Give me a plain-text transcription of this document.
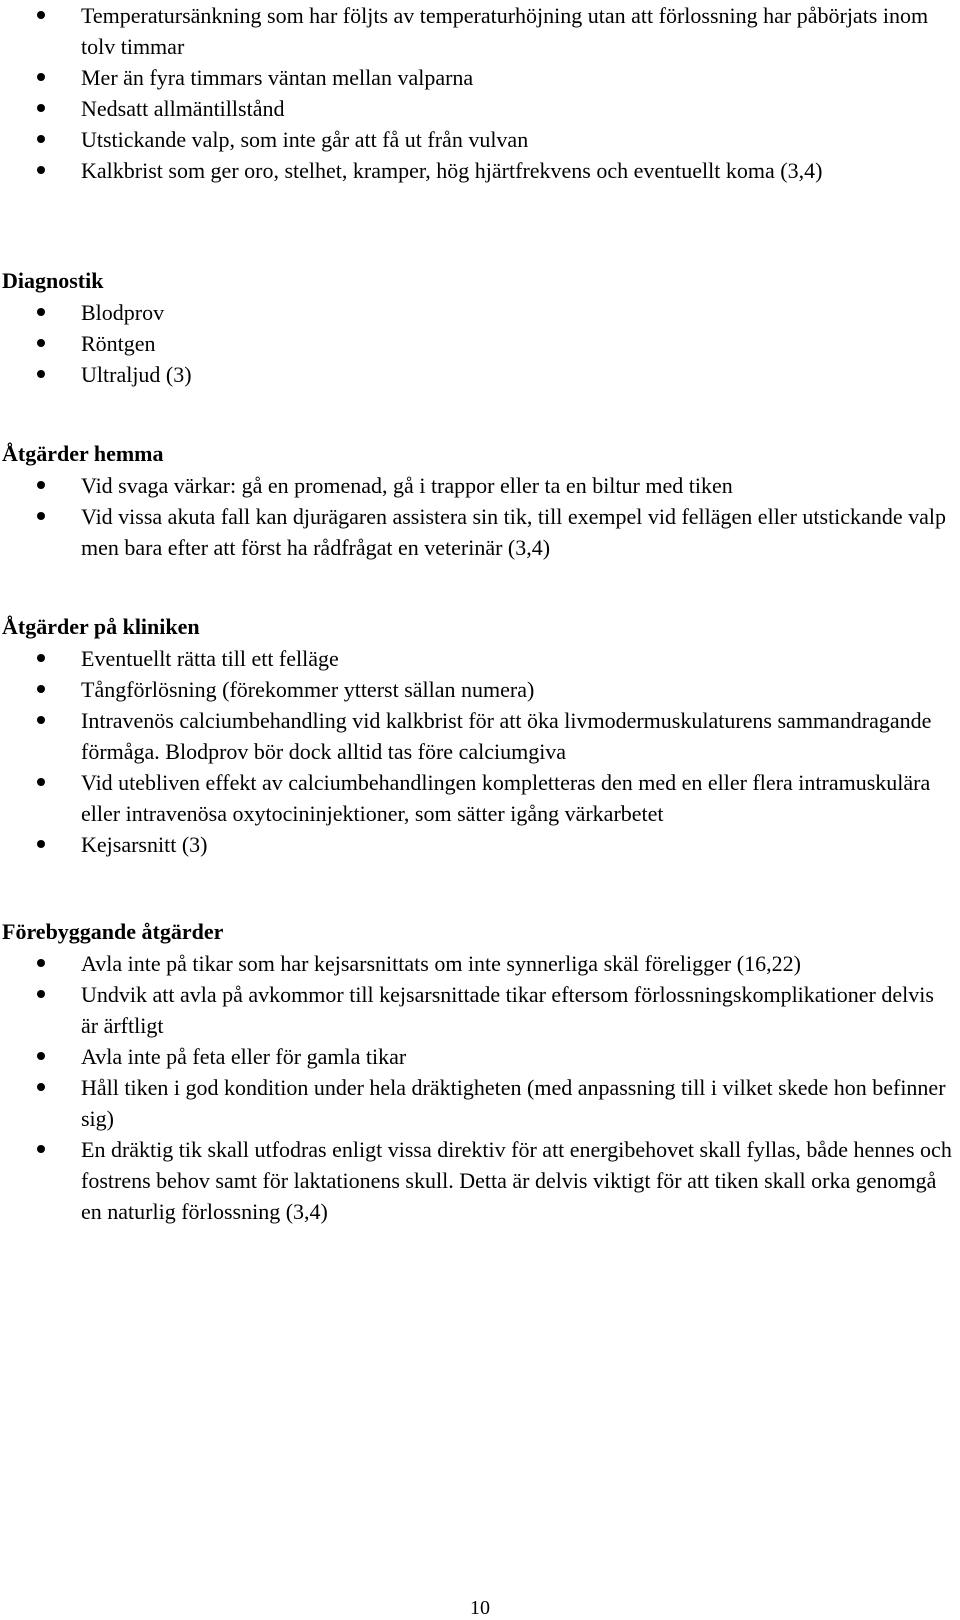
Temperatursänkning som har följts av temperaturhöjning utan att förlossning har påbörjats inom tolv timmar
Mer än fyra timmars väntan mellan valparna
Nedsatt allmäntillstånd
Utstickande valp, som inte går att få ut från vulvan
Kalkbrist som ger oro, stelhet, kramper, hög hjärtfrekvens och eventuellt koma (3,4)
Diagnostik
Blodprov
Röntgen
Ultraljud (3)
Åtgärder hemma
Vid svaga värkar: gå en promenad, gå i trappor eller ta en biltur med tiken
Vid vissa akuta fall kan djurägaren assistera sin tik, till exempel vid fellägen eller utstickande valp men bara efter att först ha rådfrågat en veterinär (3,4)
Åtgärder på kliniken
Eventuellt rätta till ett felläge
Tångförlösning (förekommer ytterst sällan numera)
Intravenös calciumbehandling vid kalkbrist för att öka livmodermuskulaturens sammandragande förmåga. Blodprov bör dock alltid tas före calciumgiva
Vid utebliven effekt av calciumbehandlingen kompletteras den med en eller flera intramuskulära eller intravenösa oxytocininjektioner, som sätter igång värkarbetet
Kejsarsnitt (3)
Förebyggande åtgärder
Avla inte på tikar som har kejsarsnittats om inte synnerliga skäl föreligger (16,22)
Undvik att avla på avkommor till kejsarsnittade tikar eftersom förlossningskomplikationer delvis är ärftligt
Avla inte på feta eller för gamla tikar
Håll tiken i god kondition under hela dräktigheten (med anpassning till i vilket skede hon befinner sig)
En dräktig tik skall utfodras enligt vissa direktiv för att energibehovet skall fyllas, både hennes och fostrens behov samt för laktationens skull. Detta är delvis viktigt för att tiken skall orka genomgå en naturlig förlossning (3,4)
10
